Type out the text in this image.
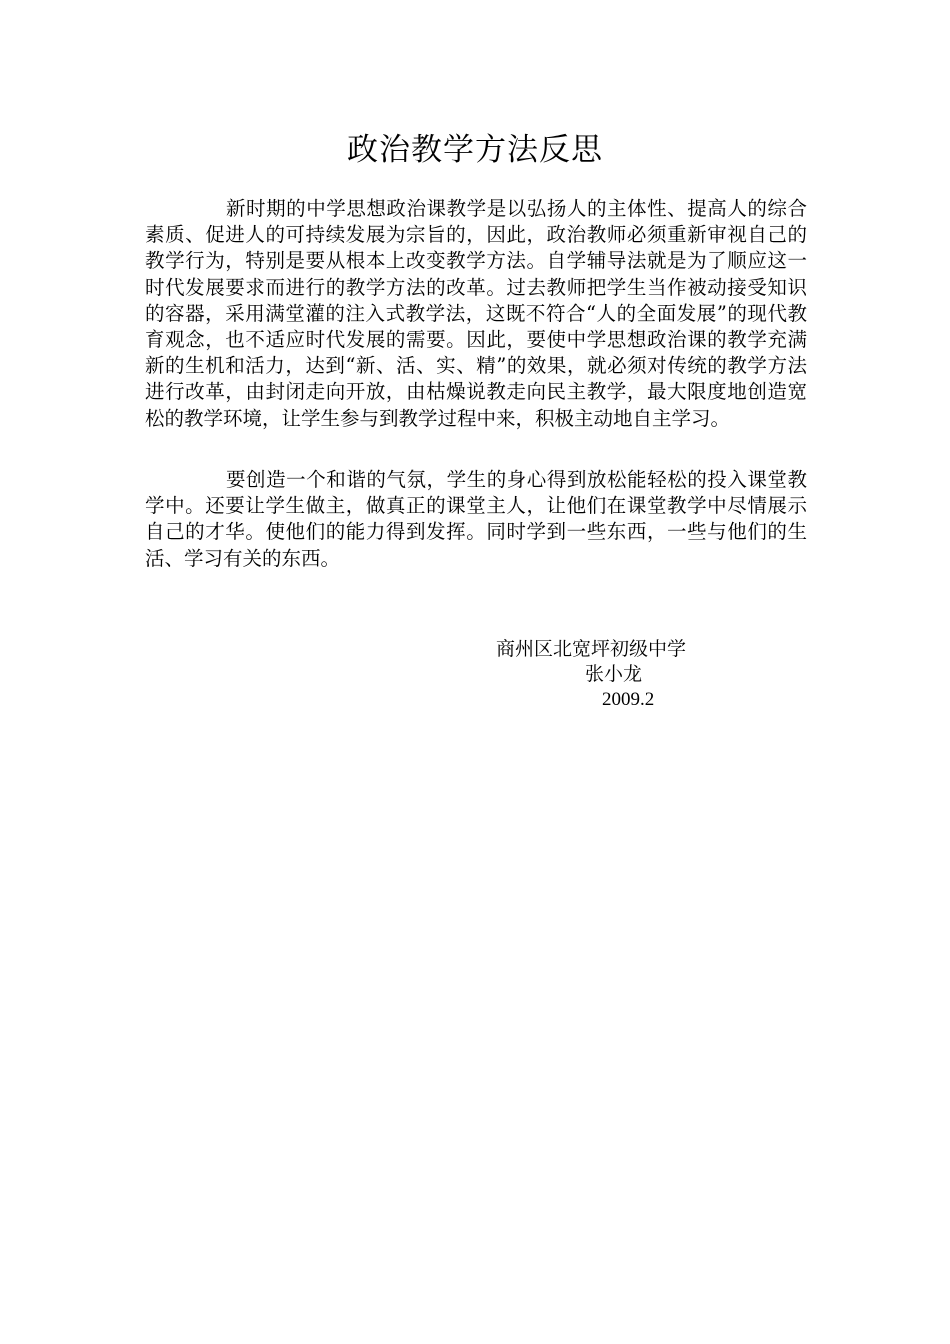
政治教学方法反思

新时期的中学思想政治课教学是以弘扬人的主体性、提高人的综合素质、促进人的可持续发展为宗旨的，因此，政治教师必须重新审视自己的教学行为，特别是要从根本上改变教学方法。自学辅导法就是为了顺应这一时代发展要求而进行的教学方法的改革。过去教师把学生当作被动接受知识的容器，采用满堂灌的注入式教学法，这既不符合“人的全面发展”的现代教育观念，也不适应时代发展的需要。因此，要使中学思想政治课的教学充满新的生机和活力，达到“新、活、实、精”的效果，就必须对传统的教学方法进行改革，由封闭走向开放，由枯燥说教走向民主教学，最大限度地创造宽松的教学环境，让学生参与到教学过程中来，积极主动地自主学习。

要创造一个和谐的气氛，学生的身心得到放松能轻松的投入课堂教学中。还要让学生做主，做真正的课堂主人，让他们在课堂教学中尽情展示自己的才华。使他们的能力得到发挥。同时学到一些东西，一些与他们的生活、学习有关的东西。

商州区北宽坪初级中学
张小龙
2009.2
